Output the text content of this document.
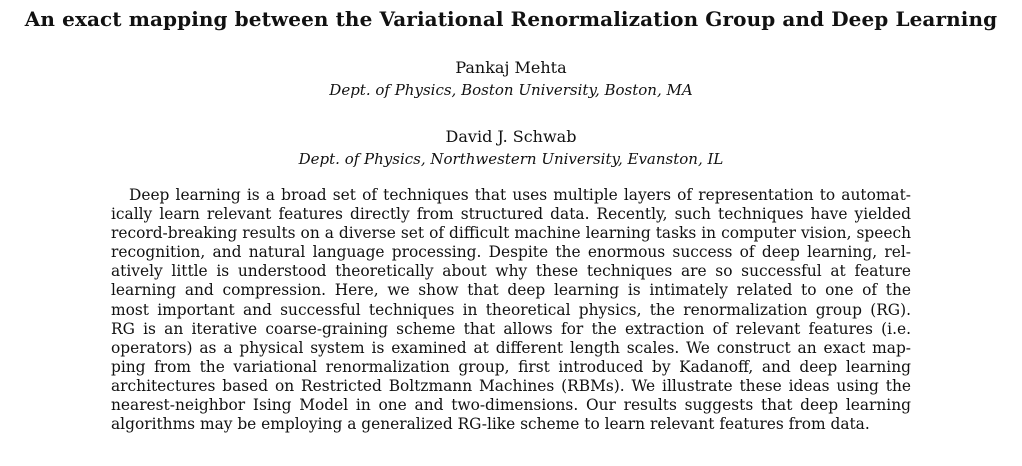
An exact mapping between the Variational Renormalization Group and Deep Learning
Pankaj Mehta
Dept. of Physics, Boston University, Boston, MA
David J. Schwab
Dept. of Physics, Northwestern University, Evanston, IL
Deep learning is a broad set of techniques that uses multiple layers of representation to automat-
ically learn relevant features directly from structured data. Recently, such techniques have yielded
record-breaking results on a diverse set of difficult machine learning tasks in computer vision, speech
recognition, and natural language processing. Despite the enormous success of deep learning, rel-
atively little is understood theoretically about why these techniques are so successful at feature
learning and compression. Here, we show that deep learning is intimately related to one of the
most important and successful techniques in theoretical physics, the renormalization group (RG).
RG is an iterative coarse-graining scheme that allows for the extraction of relevant features (i.e.
operators) as a physical system is examined at different length scales. We construct an exact map-
ping from the variational renormalization group, first introduced by Kadanoff, and deep learning
architectures based on Restricted Boltzmann Machines (RBMs). We illustrate these ideas using the
nearest-neighbor Ising Model in one and two-dimensions. Our results suggests that deep learning
algorithms may be employing a generalized RG-like scheme to learn relevant features from data.
